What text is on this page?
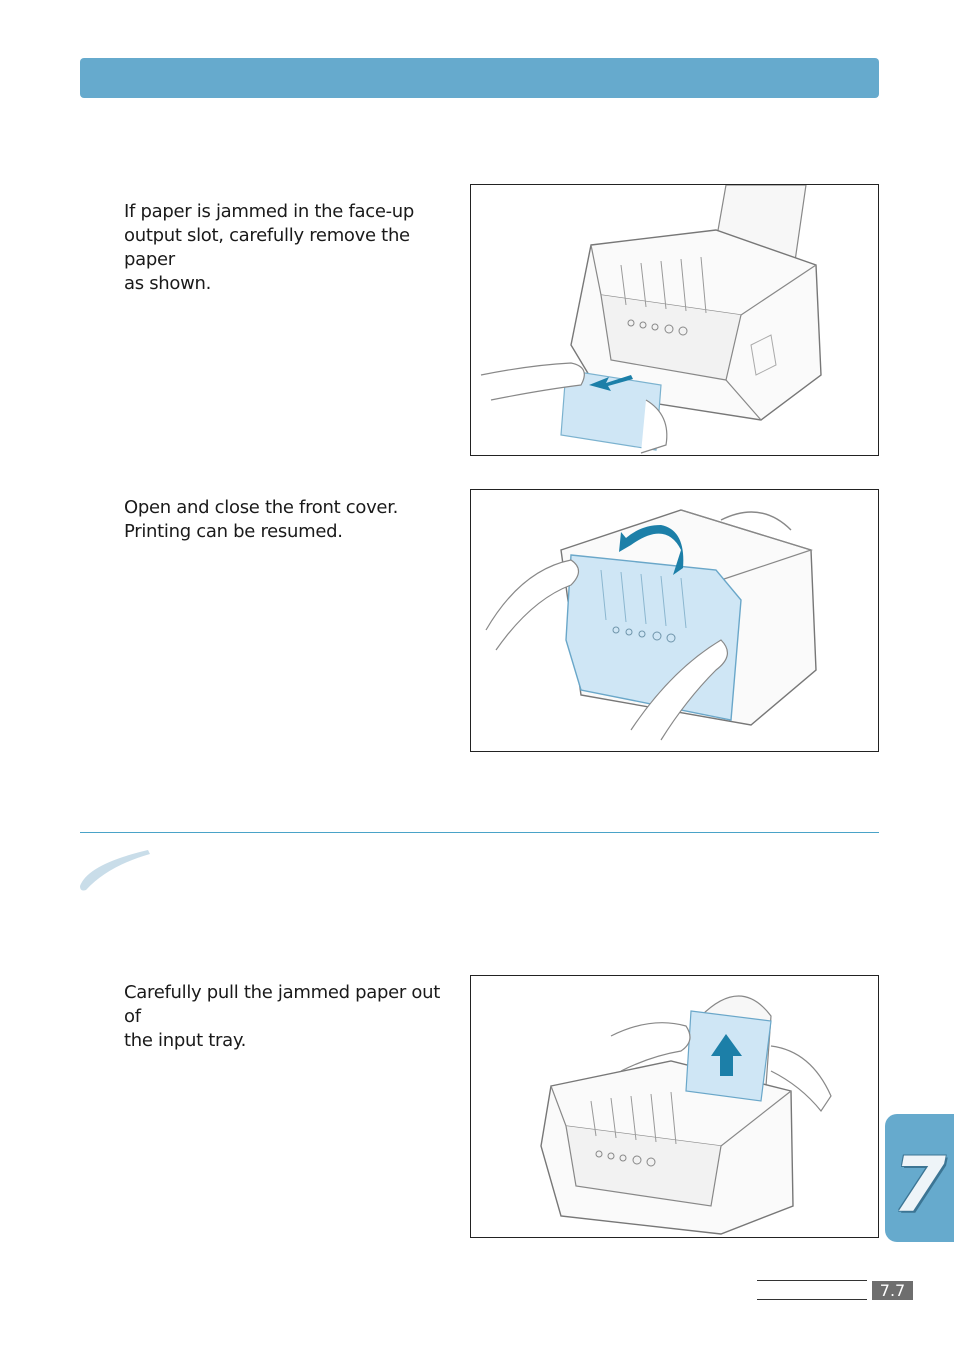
If paper is jammed in the face-up
output slot, carefully remove the paper
as shown.
Open and close the front cover.
Printing can be resumed.
Carefully pull the jammed paper out of
the input tray.
7
7.7
